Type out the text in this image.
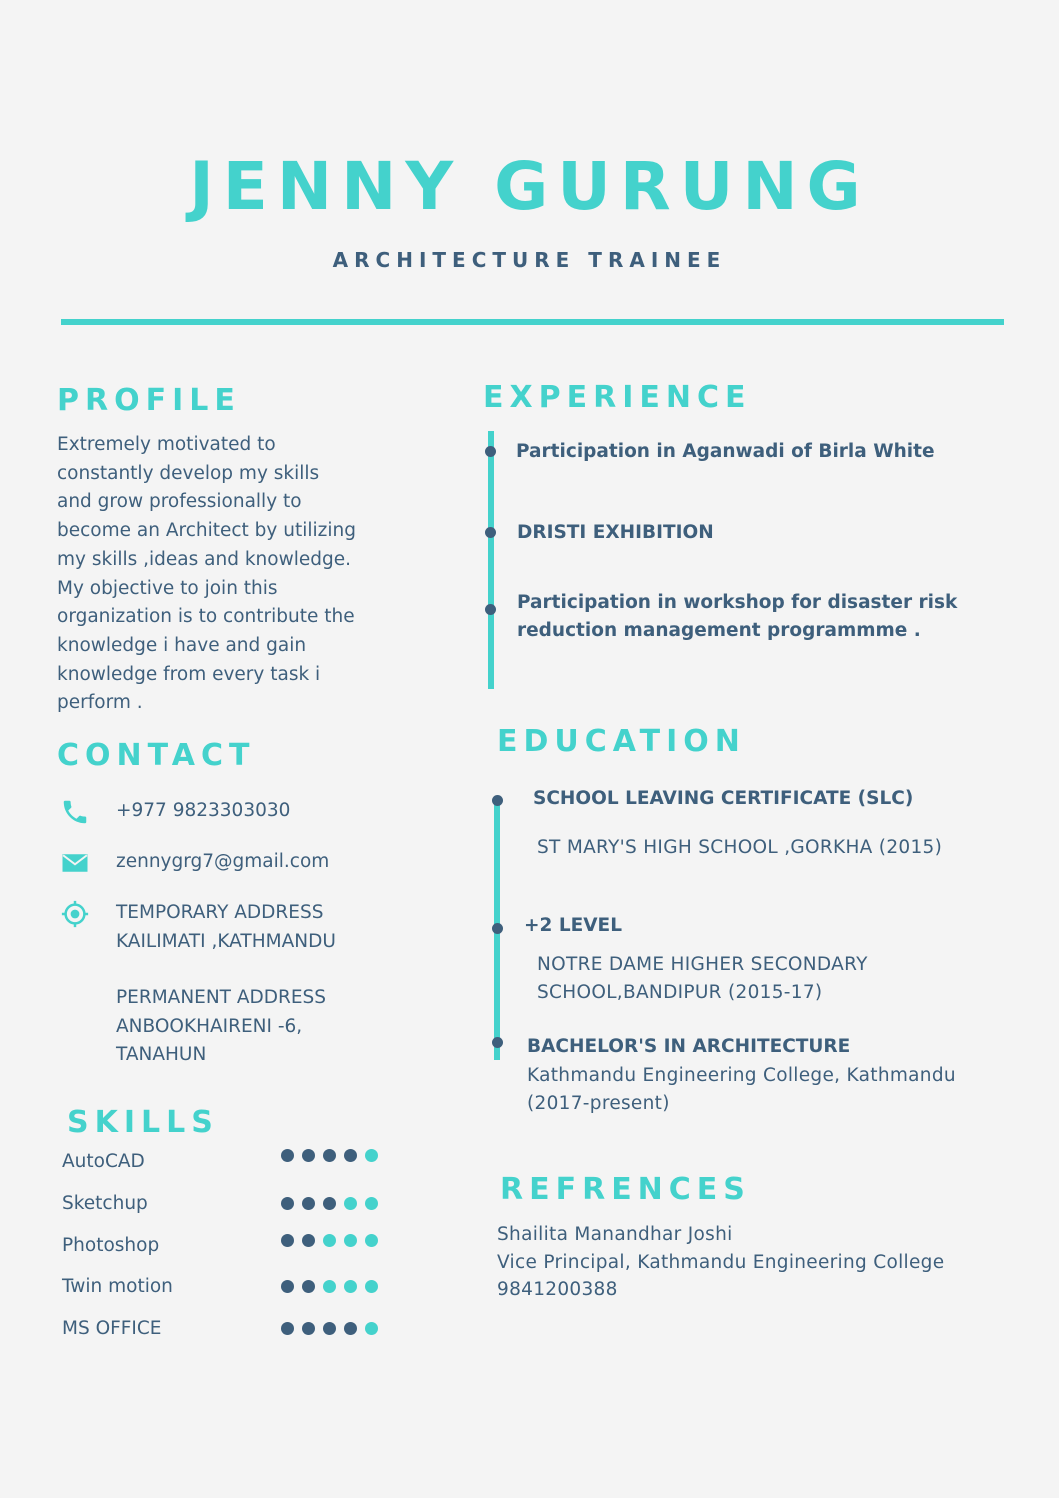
JENNY GURUNG
ARCHITECTURE TRAINEE
PROFILE
Extremely motivated to
constantly develop my skills
and grow professionally to
become an Architect by utilizing
my skills ,ideas and knowledge.
My objective to join this
organization is to contribute the
knowledge i have and gain
knowledge from every task i
perform .
CONTACT
+977 9823303030
zennygrg7@gmail.com
TEMPORARY ADDRESS
KAILIMATI ,KATHMANDU
PERMANENT ADDRESS
ANBOOKHAIRENI -6,
TANAHUN
SKILLS
AutoCAD
Sketchup
Photoshop
Twin motion
MS OFFICE
EXPERIENCE
Participation in Aganwadi of Birla White
DRISTI EXHIBITION
Participation in workshop for disaster risk
reduction management programmme .
EDUCATION
SCHOOL LEAVING CERTIFICATE (SLC)
ST MARY'S HIGH SCHOOL ,GORKHA (2015)
+2 LEVEL
NOTRE DAME HIGHER SECONDARY
SCHOOL,BANDIPUR (2015-17)
BACHELOR'S IN ARCHITECTURE
Kathmandu Engineering College, Kathmandu
(2017-present)
REFRENCES
Shailita Manandhar Joshi
Vice Principal, Kathmandu Engineering College
9841200388
